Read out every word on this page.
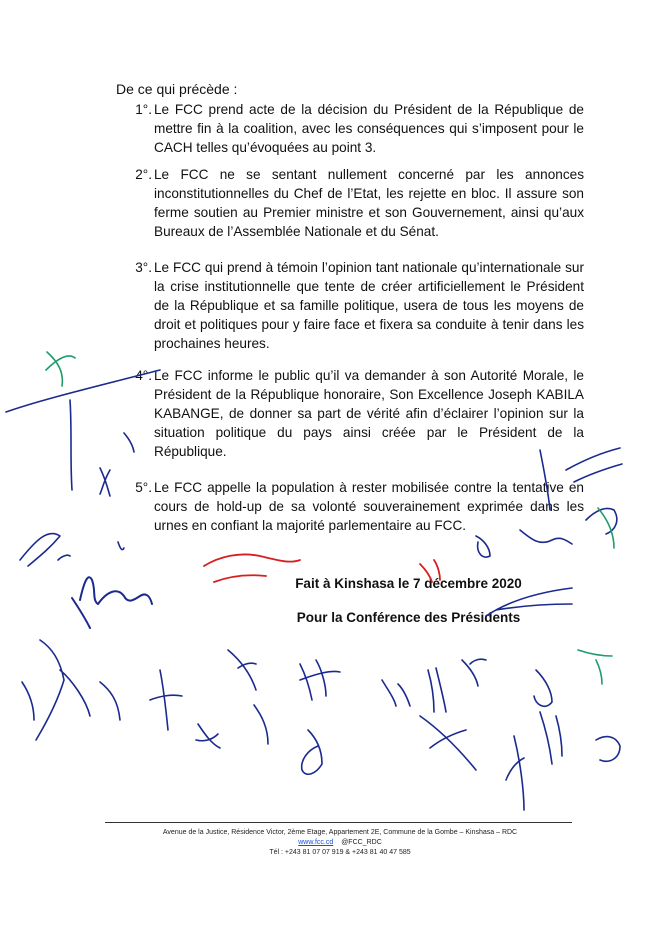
De ce qui précède :
1°. Le FCC prend acte de la décision du Président de la République de mettre fin à la coalition, avec les conséquences qui s’imposent pour le CACH telles qu’évoquées au point 3.
2°. Le FCC ne se sentant nullement concerné par les annonces inconstitutionnelles du Chef de l’Etat, les rejette en bloc. Il assure son ferme soutien au Premier ministre et son Gouvernement, ainsi qu’aux Bureaux de l’Assemblée Nationale et du Sénat.
3°. Le FCC qui prend à témoin l’opinion tant nationale qu’internationale sur la crise institutionnelle que tente de créer artificiellement le Président de la République et sa famille politique, usera de tous les moyens de droit et politiques pour y faire face et fixera sa conduite à tenir dans les prochaines heures.
4°. Le FCC informe le public qu’il va demander à son Autorité Morale, le Président de la République honoraire, Son Excellence Joseph KABILA KABANGE, de donner sa part de vérité afin d’éclairer l’opinion sur la situation politique du pays ainsi créée par le Président de la République.
5°. Le FCC appelle la population à rester mobilisée contre la tentative en cours de hold-up de sa volonté souverainement exprimée dans les urnes en confiant la majorité parlementaire au FCC.
Fait à Kinshasa le 7 décembre 2020
Pour la Conférence des Présidents
Avenue de la Justice, Résidence Victor, 2ème Etage, Appartement 2E, Commune de la Gombe – Kinshasa – RDC
www.fcc.cd @FCC_RDC
Tél : +243 81 07 07 919 & +243 81 40 47 585
